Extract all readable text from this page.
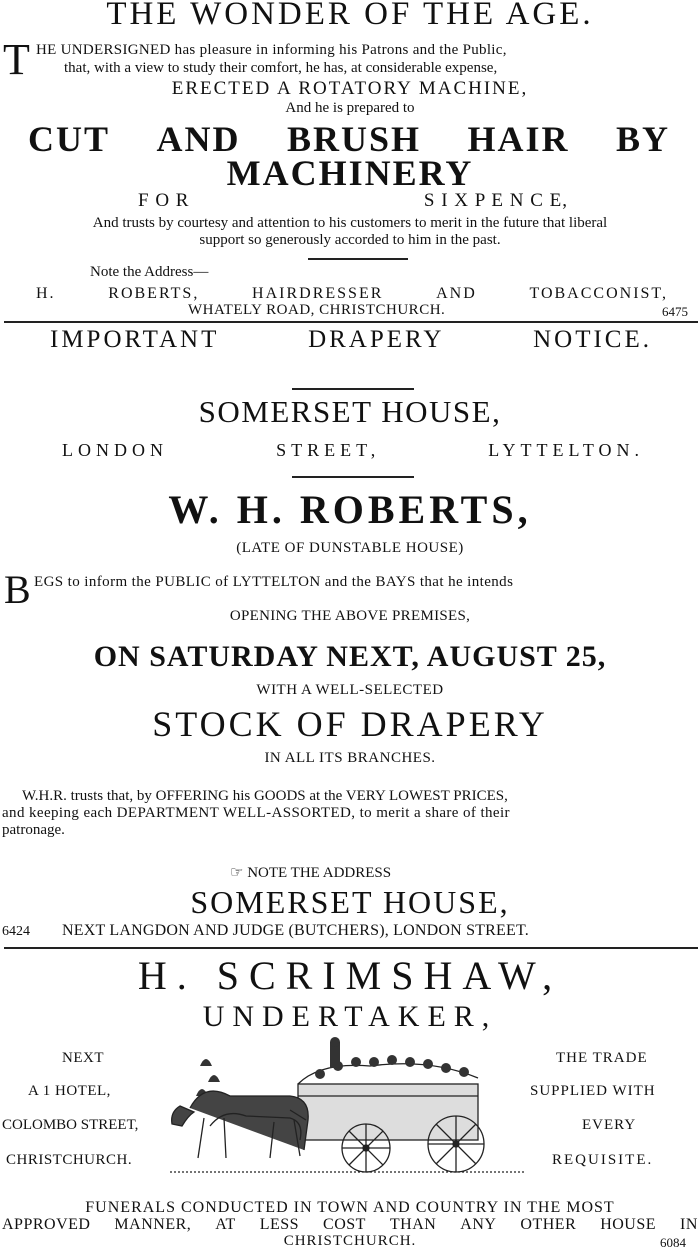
THE WONDER OF THE AGE.
T HE UNDERSIGNED has pleasure in informing his Patrons and the Public,
that, with a view to study their comfort, he has, at considerable expense,
ERECTED A ROTATORY MACHINE,
And he is prepared to
CUT AND BRUSH HAIR BY
MACHINERY
F O R	S I X P E N C E,
And trusts by courtesy and attention to his customers to merit in the future that liberal
support so generously accorded to him in the past.
Note the Address—
H.	ROBERTS,	HAIRDRESSER	AND	TOBACCONIST,
WHATELY ROAD, CHRISTCHURCH.	6475
IMPORTANT	DRAPERY	NOTICE.
SOMERSET HOUSE,
LONDON	STREET,	LYTTELTON.
W. H. ROBERTS,
(LATE OF DUNSTABLE HOUSE)
B EGS to inform the PUBLIC of LYTTELTON and the BAYS that he intends
OPENING THE ABOVE PREMISES,
ON SATURDAY NEXT, AUGUST 25,
WITH A WELL-SELECTED
STOCK OF DRAPERY
IN ALL ITS BRANCHES.
W.H.R. trusts that, by OFFERING his GOODS at the VERY LOWEST PRICES,
and keeping each DEPARTMENT WELL-ASSORTED, to merit a share of their
patronage.
☞ NOTE THE ADDRESS
SOMERSET HOUSE,
6424 NEXT LANGDON AND JUDGE (BUTCHERS), LONDON STREET.
H. SCRIMSHAW,
UNDERTAKER,
NEXT
A 1 HOTEL,
COLOMBO STREET,
CHRISTCHURCH.
THE TRADE
SUPPLIED WITH
EVERY
REQUISITE.
FUNERALS CONDUCTED IN TOWN AND COUNTRY IN THE MOST
APPROVED MANNER, AT LESS COST THAN ANY OTHER HOUSE IN
CHRISTCHURCH.	6084
